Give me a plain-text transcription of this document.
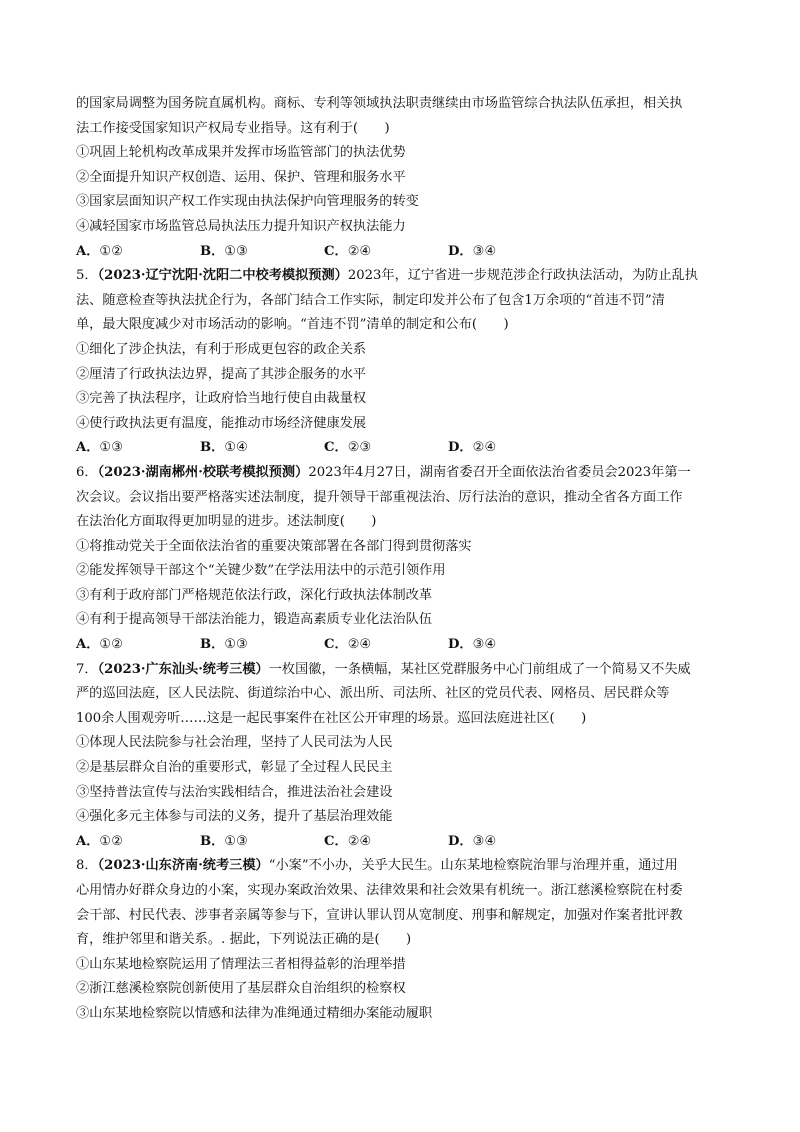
的国家局调整为国务院直属机构。商标、专利等领域执法职责继续由市场监管综合执法队伍承担，相关执
法工作接受国家知识产权局专业指导。这有利于(　　)
①巩固上轮机构改革成果并发挥市场监管部门的执法优势
②全面提升知识产权创造、运用、保护、管理和服务水平
③国家层面知识产权工作实现由执法保护向管理服务的转变
④减轻国家市场监管总局执法压力提升知识产权执法能力
A．①②	B．①③	C．②④	D．③④
5．（2023·辽宁沈阳·沈阳二中校考模拟预测）2023年，辽宁省进一步规范涉企行政执法活动，为防止乱执
法、随意检查等执法扰企行为，各部门结合工作实际，制定印发并公布了包含1万余项的“首违不罚”清
单，最大限度减少对市场活动的影响。“首违不罚”清单的制定和公布(　　)
①细化了涉企执法，有利于形成更包容的政企关系
②厘清了行政执法边界，提高了其涉企服务的水平
③完善了执法程序，让政府恰当地行使自由裁量权
④使行政执法更有温度，能推动市场经济健康发展
A．①③	B．①④	C．②③	D．②④
6．（2023·湖南郴州·校联考模拟预测）2023年4月27日，湖南省委召开全面依法治省委员会2023年第一
次会议。会议指出要严格落实述法制度，提升领导干部重视法治、厉行法治的意识，推动全省各方面工作
在法治化方面取得更加明显的进步。述法制度(　　)
①将推动党关于全面依法治省的重要决策部署在各部门得到贯彻落实
②能发挥领导干部这个“关键少数”在学法用法中的示范引领作用
③有利于政府部门严格规范依法行政，深化行政执法体制改革
④有利于提高领导干部法治能力，锻造高素质专业化法治队伍
A．①②	B．①③	C．②④	D．③④
7．（2023·广东汕头·统考三模）一枚国徽，一条横幅，某社区党群服务中心门前组成了一个简易又不失威
严的巡回法庭，区人民法院、街道综治中心、派出所、司法所、社区的党员代表、网格员、居民群众等
100余人围观旁听……这是一起民事案件在社区公开审理的场景。巡回法庭进社区(　　)
①体现人民法院参与社会治理，坚持了人民司法为人民
②是基层群众自治的重要形式，彰显了全过程人民民主
③坚持普法宣传与法治实践相结合，推进法治社会建设
④强化多元主体参与司法的义务，提升了基层治理效能
A．①②	B．①③	C．②④	D．③④
8．（2023·山东济南·统考三模）“小案”不小办，关乎大民生。山东某地检察院治罪与治理并重，通过用
心用情办好群众身边的小案，实现办案政治效果、法律效果和社会效果有机统一。浙江慈溪检察院在村委
会干部、村民代表、涉事者亲属等参与下，宣讲认罪认罚从宽制度、刑事和解规定，加强对作案者批评教
育，维护邻里和谐关系。. 据此，下列说法正确的是(　　)
①山东某地检察院运用了情理法三者相得益彰的治理举措
②浙江慈溪检察院创新使用了基层群众自治组织的检察权
③山东某地检察院以情感和法律为准绳通过精细办案能动履职
